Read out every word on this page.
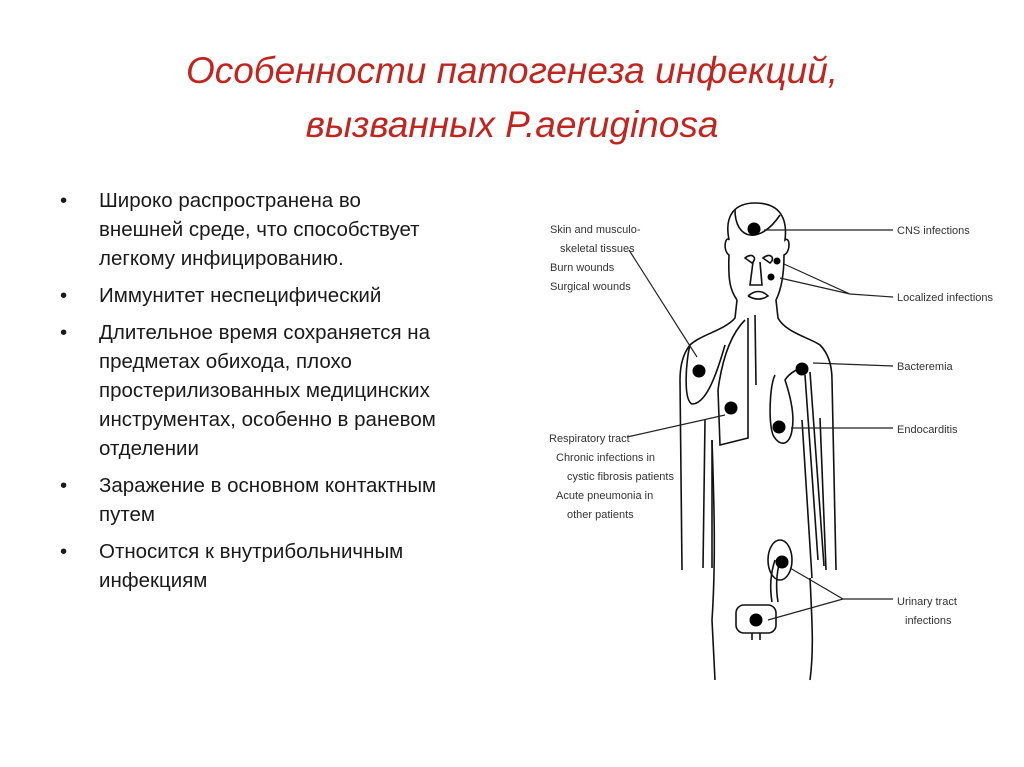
Особенности патогенеза инфекций,
вызванных P.aeruginosa
• Широко распространена во
внешней среде, что способствует
легкому инфицированию.
• Иммунитет неспецифический
• Длительное время сохраняется на
предметах обихода, плохо
простерилизованных медицинских
инструментах, особенно в раневом
отделении
• Заражение в основном контактным
путем
• Относится к внутрибольничным
инфекциям
Skin and musculo-
skeletal tissues
Burn wounds
Surgical wounds
Respiratory tract
Chronic infections in
cystic fibrosis patients
Acute pneumonia in
other patients
CNS infections
Localized infections
Bacteremia
Endocarditis
Urinary tract
infections
